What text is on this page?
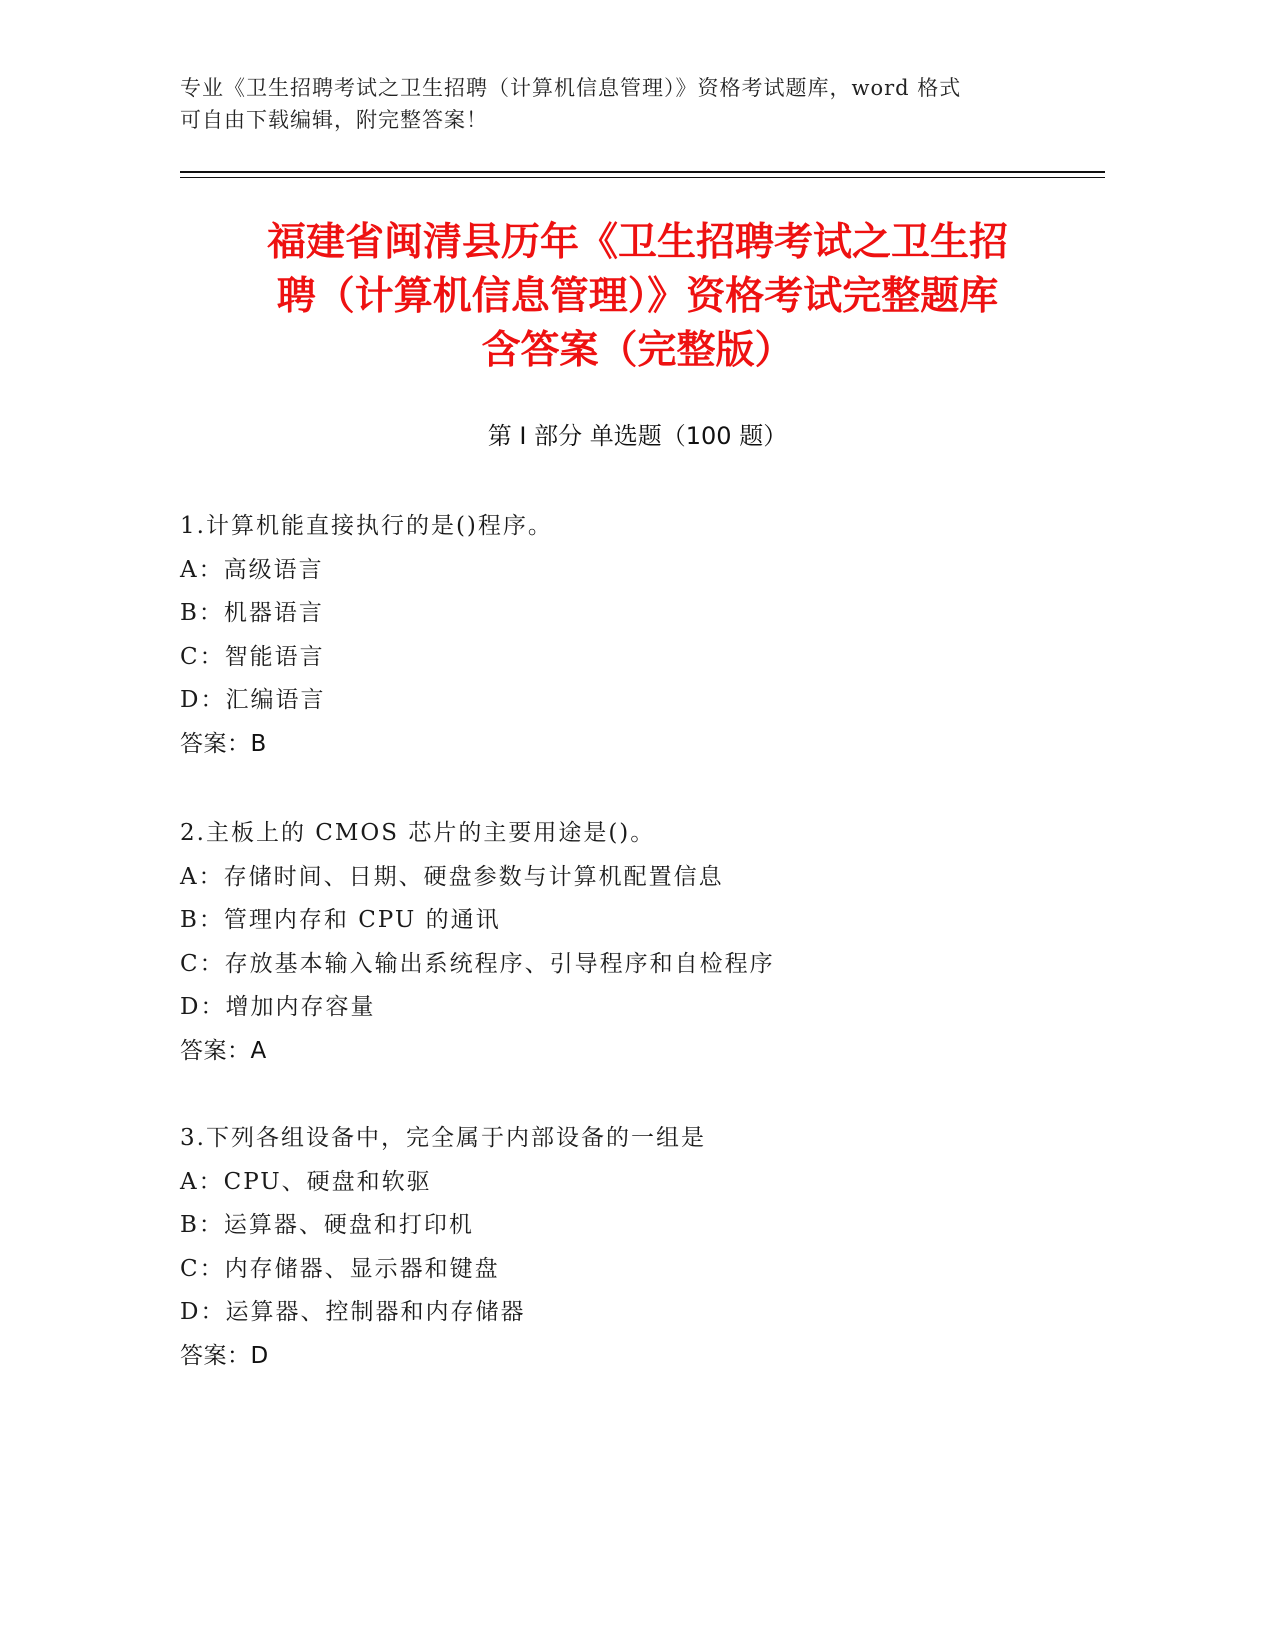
专业《卫生招聘考试之卫生招聘（计算机信息管理）》资格考试题库，word 格式
可自由下载编辑，附完整答案！
福建省闽清县历年《卫生招聘考试之卫生招
聘（计算机信息管理）》资格考试完整题库
含答案（完整版）
第 I 部分 单选题（100 题）
1.计算机能直接执行的是()程序。
A：高级语言
B：机器语言
C：智能语言
D：汇编语言
答案：B
2.主板上的 CMOS 芯片的主要用途是()。
A：存储时间、日期、硬盘参数与计算机配置信息
B：管理内存和 CPU 的通讯
C：存放基本输入输出系统程序、引导程序和自检程序
D：增加内存容量
答案：A
3.下列各组设备中，完全属于内部设备的一组是
A：CPU、硬盘和软驱
B：运算器、硬盘和打印机
C：内存储器、显示器和键盘
D：运算器、控制器和内存储器
答案：D
